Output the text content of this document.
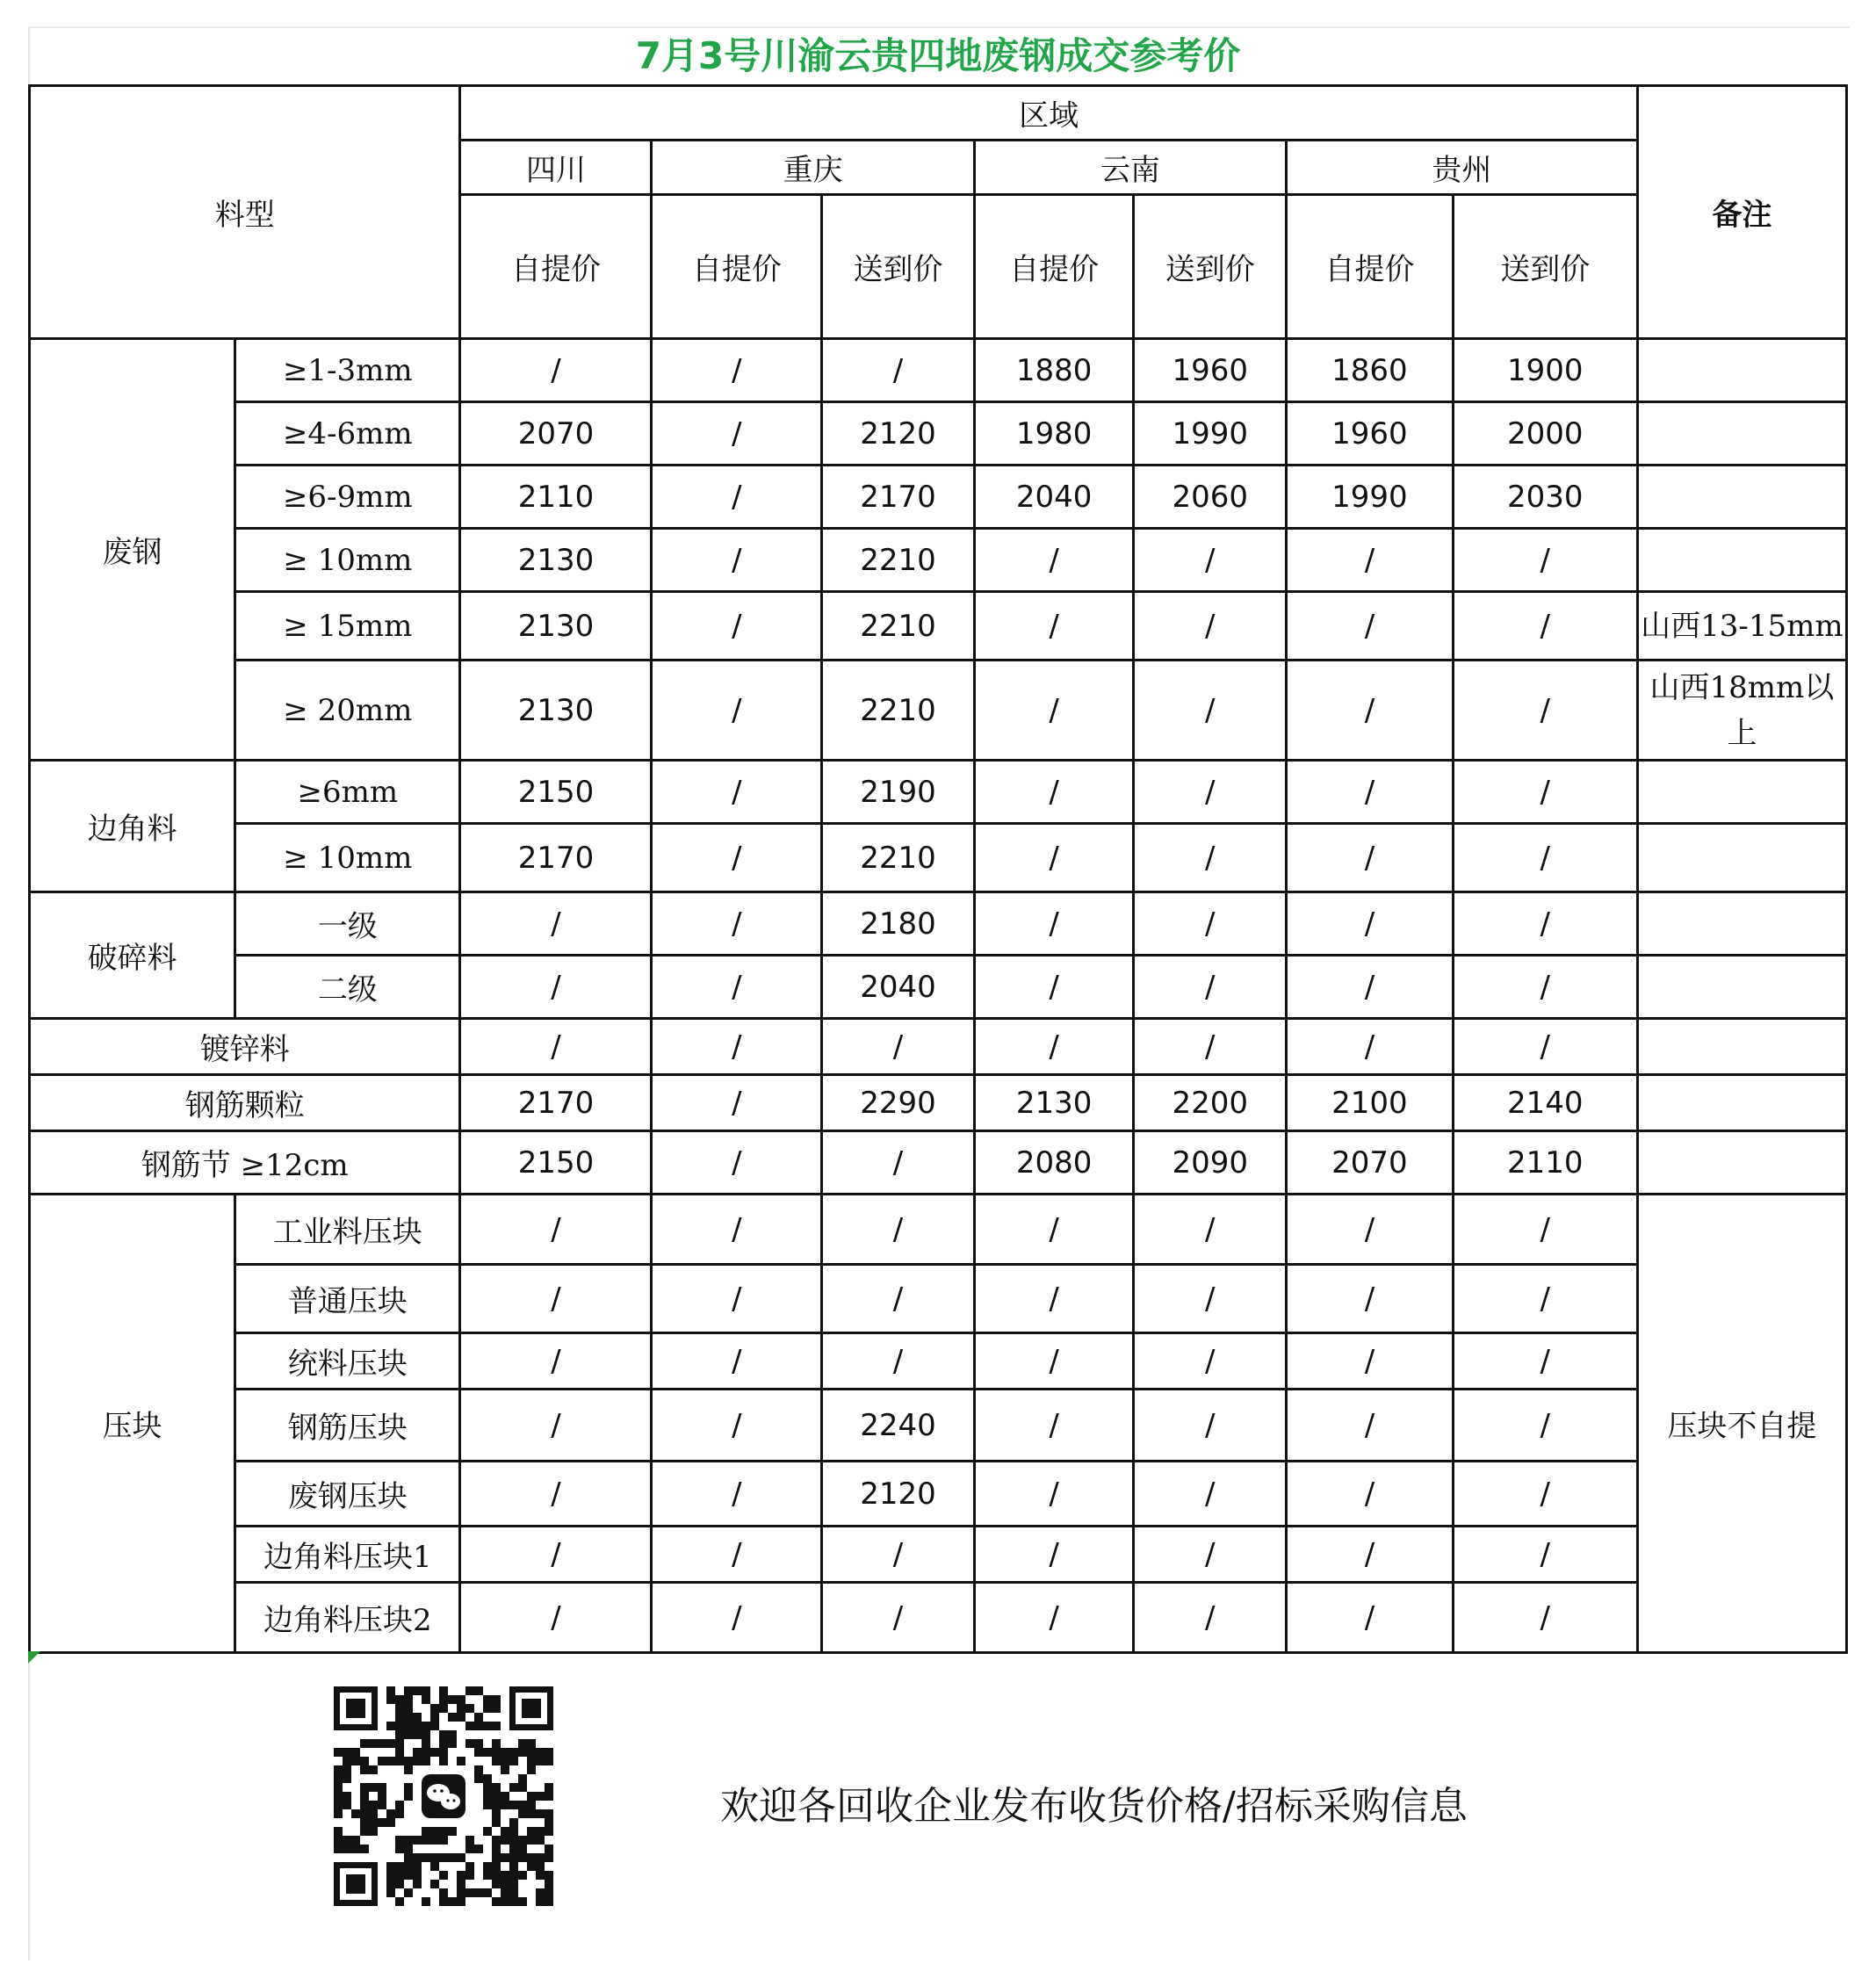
7月3号川渝云贵四地废钢成交参考价
料型		区域							备注
		四川	重庆		云南		贵州		
		自提价	自提价	送到价	自提价	送到价	自提价	送到价	
废钢	≥1-3mm	/	/	/	1880	1960	1860	1900	
	≥4-6mm	2070	/	2120	1980	1990	1960	2000	
	≥6-9mm	2110	/	2170	2040	2060	1990	2030	
	≥ 10mm	2130	/	2210	/	/	/	/	
	≥ 15mm	2130	/	2210	/	/	/	/	山西13-15mm
	≥ 20mm	2130	/	2210	/	/	/	/	山西18mm以上
边角料	≥6mm	2150	/	2190	/	/	/	/	
	≥ 10mm	2170	/	2210	/	/	/	/	
破碎料	一级	/	/	2180	/	/	/	/	
	二级	/	/	2040	/	/	/	/	
镀锌料		/	/	/	/	/	/	/	
钢筋颗粒		2170	/	2290	2130	2200	2100	2140	
钢筋节 ≥12cm		2150	/	/	2080	2090	2070	2110	
压块	工业料压块	/	/	/	/	/	/	/	压块不自提
	普通压块	/	/	/	/	/	/	/	
	统料压块	/	/	/	/	/	/	/	
	钢筋压块	/	/	2240	/	/	/	/	
	废钢压块	/	/	2120	/	/	/	/	
	边角料压块1	/	/	/	/	/	/	/	
	边角料压块2	/	/	/	/	/	/	/	
欢迎各回收企业发布收货价格/招标采购信息
